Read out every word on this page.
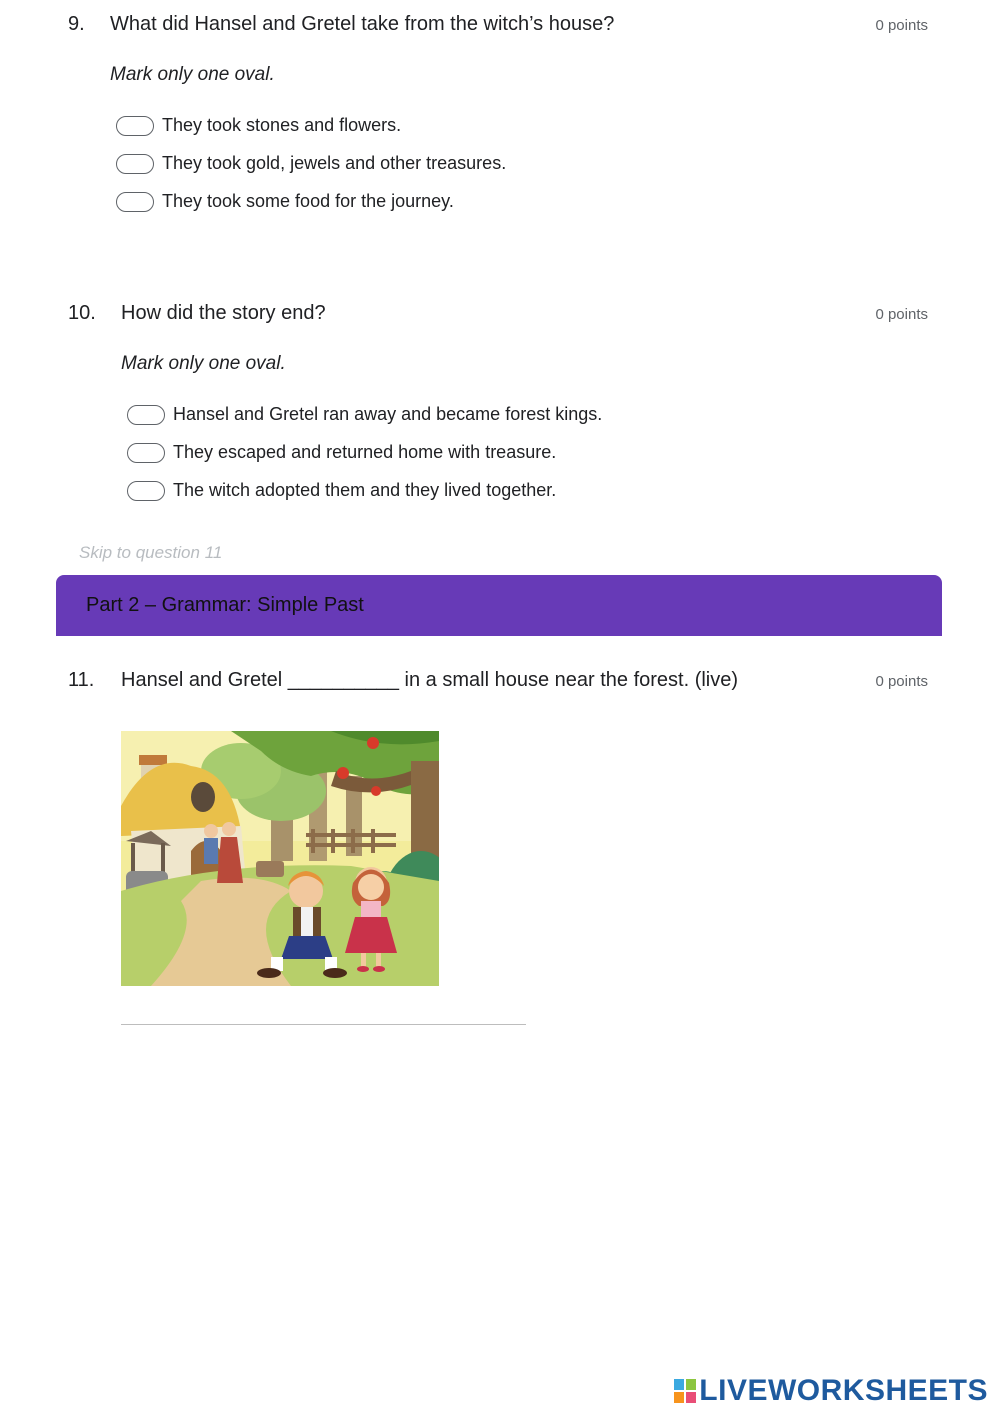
9. What did Hansel and Gretel take from the witch’s house?	0 points
Mark only one oval.
They took stones and flowers.
They took gold, jewels and other treasures.
They took some food for the journey.
10. How did the story end?	0 points
Mark only one oval.
Hansel and Gretel ran away and became forest kings.
They escaped and returned home with treasure.
The witch adopted them and they lived together.
Skip to question 11
Part 2 – Grammar: Simple Past
11. Hansel and Gretel __________ in a small house near the forest. (live)	0 points
LIVEWORKSHEETS
